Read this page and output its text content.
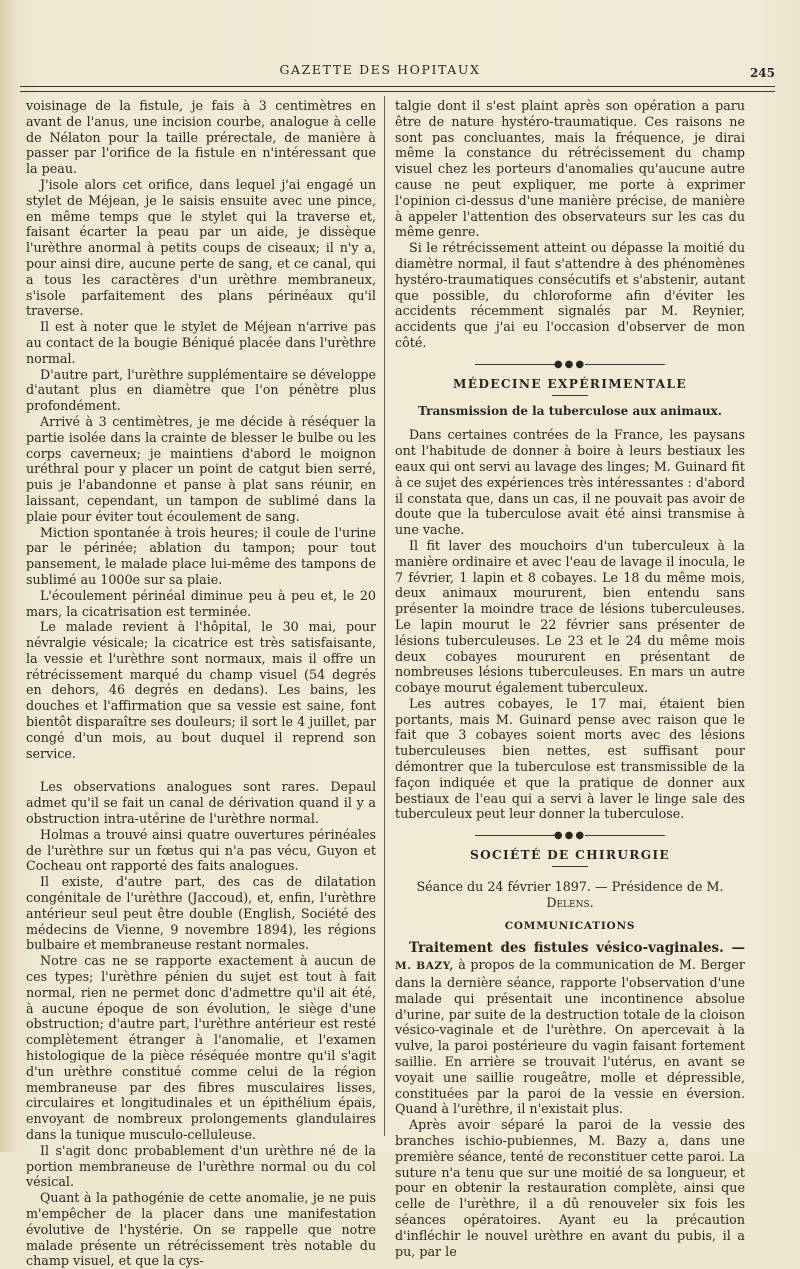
GAZETTE DES HOPITAUX	245

voisinage de la fistule, je fais à 3 centimètres en avant de l'anus, une incision courbe, analogue à celle de Nélaton pour la taille prérectale, de manière à passer par l'orifice de la fistule en n'intéressant que la peau.

J'isole alors cet orifice, dans lequel j'ai engagé un stylet de Méjean, je le saisis ensuite avec une pince, en même temps que le stylet qui la traverse et, faisant écarter la peau par un aide, je dissèque l'urèthre anormal à petits coups de ciseaux; il n'y a, pour ainsi dire, aucune perte de sang, et ce canal, qui a tous les caractères d'un urèthre membraneux, s'isole parfaitement des plans périnéaux qu'il traverse.

Il est à noter que le stylet de Méjean n'arrive pas au contact de la bougie Béniqué placée dans l'urèthre normal.

D'autre part, l'urèthre supplémentaire se développe d'autant plus en diamètre que l'on pénètre plus profondément.

Arrivé à 3 centimètres, je me décide à réséquer la partie isolée dans la crainte de blesser le bulbe ou les corps caverneux; je maintiens d'abord le moignon uréthral pour y placer un point de catgut bien serré, puis je l'abandonne et panse à plat sans réunir, en laissant, cependant, un tampon de sublimé dans la plaie pour éviter tout écoulement de sang.

Miction spontanée à trois heures; il coule de l'urine par le périnée; ablation du tampon; pour tout pansement, le malade place lui-même des tampons de sublimé au 1000e sur sa plaie.

L'écoulement périnéal diminue peu à peu et, le 20 mars, la cicatrisation est terminée.

Le malade revient à l'hôpital, le 30 mai, pour névralgie vésicale; la cicatrice est très satisfaisante, la vessie et l'urèthre sont normaux, mais il offre un rétrécissement marqué du champ visuel (54 degrés en dehors, 46 degrés en dedans). Les bains, les douches et l'affirmation que sa vessie est saine, font bientôt disparaître ses douleurs; il sort le 4 juillet, par congé d'un mois, au bout duquel il reprend son service.

Les observations analogues sont rares. Depaul admet qu'il se fait un canal de dérivation quand il y a obstruction intra-utérine de l'urèthre normal.

Holmas a trouvé ainsi quatre ouvertures périnéales de l'urèthre sur un fœtus qui n'a pas vécu, Guyon et Cocheau ont rapporté des faits analogues.

Il existe, d'autre part, des cas de dilatation congénitale de l'urèthre (Jaccoud), et, enfin, l'urèthre antérieur seul peut être double (English, Société des médecins de Vienne, 9 novembre 1894), les régions bulbaire et membraneuse restant normales.

Notre cas ne se rapporte exactement à aucun de ces types; l'urèthre pénien du sujet est tout à fait normal, rien ne permet donc d'admettre qu'il ait été, à aucune époque de son évolution, le siège d'une obstruction; d'autre part, l'urèthre antérieur est resté complètement étranger à l'anomalie, et l'examen histologique de la pièce réséquée montre qu'il s'agit d'un urèthre constitué comme celui de la région membraneuse par des fibres musculaires lisses, circulaires et longitudinales et un épithélium épais, envoyant de nombreux prolongements glandulaires dans la tunique musculo-celluleuse.

Il s'agit donc probablement d'un urèthre né de la portion membraneuse de l'urèthre normal ou du col vésical.

Quant à la pathogénie de cette anomalie, je ne puis m'empêcher de la placer dans une manifestation évolutive de l'hystérie. On se rappelle que notre malade présente un rétrécissement très notable du champ visuel, et que la cys-

talgie dont il s'est plaint après son opération a paru être de nature hystéro-traumatique. Ces raisons ne sont pas concluantes, mais la fréquence, je dirai même la constance du rétrécissement du champ visuel chez les porteurs d'anomalies qu'aucune autre cause ne peut expliquer, me porte à exprimer l'opinion ci-dessus d'une manière précise, de manière à appeler l'attention des observateurs sur les cas du même genre.

Si le rétrécissement atteint ou dépasse la moitié du diamètre normal, il faut s'attendre à des phénomènes hystéro-traumatiques consécutifs et s'abstenir, autant que possible, du chloroforme afin d'éviter les accidents récemment signalés par M. Reynier, accidents que j'ai eu l'occasion d'observer de mon côté.

●●●
MÉDECINE EXPÉRIMENTALE
Transmission de la tuberculose aux animaux.

Dans certaines contrées de la France, les paysans ont l'habitude de donner à boire à leurs bestiaux les eaux qui ont servi au lavage des linges; M. Guinard fit à ce sujet des expériences très intéressantes : d'abord il constata que, dans un cas, il ne pouvait pas avoir de doute que la tuberculose avait été ainsi transmise à une vache.

Il fit laver des mouchoirs d'un tuberculeux à la manière ordinaire et avec l'eau de lavage il inocula, le 7 février, 1 lapin et 8 cobayes. Le 18 du même mois, deux animaux moururent, bien entendu sans présenter la moindre trace de lésions tuberculeuses. Le lapin mourut le 22 février sans présenter de lésions tuberculeuses. Le 23 et le 24 du même mois deux cobayes moururent en présentant de nombreuses lésions tuberculeuses. En mars un autre cobaye mourut également tuberculeux.

Les autres cobayes, le 17 mai, étaient bien portants, mais M. Guinard pense avec raison que le fait que 3 cobayes soient morts avec des lésions tuberculeuses bien nettes, est suffisant pour démontrer que la tuberculose est transmissible de la façon indiquée et que la pratique de donner aux bestiaux de l'eau qui a servi à laver le linge sale des tuberculeux peut leur donner la tuberculose.

●●●
SOCIÉTÉ DE CHIRURGIE
Séance du 24 février 1897. — Présidence de M. Delens.
COMMUNICATIONS

Traitement des fistules vésico-vaginales. — M. BAZY, à propos de la communication de M. Berger dans la dernière séance, rapporte l'observation d'une malade qui présentait une incontinence absolue d'urine, par suite de la destruction totale de la cloison vésico-vaginale et de l'urèthre. On apercevait à la vulve, la paroi postérieure du vagin faisant fortement saillie. En arrière se trouvait l'utérus, en avant se voyait une saillie rougeâtre, molle et dépressible, constituées par la paroi de la vessie en éversion. Quand à l'urèthre, il n'existait plus.

Après avoir séparé la paroi de la vessie des branches ischio-pubiennes, M. Bazy a, dans une première séance, tenté de reconstituer cette paroi. La suture n'a tenu que sur une moitié de sa longueur, et pour en obtenir la restauration complète, ainsi que celle de l'urèthre, il a dû renouveler six fois les séances opératoires. Ayant eu la précaution d'infléchir le nouvel urèthre en avant du pubis, il a pu, par le
